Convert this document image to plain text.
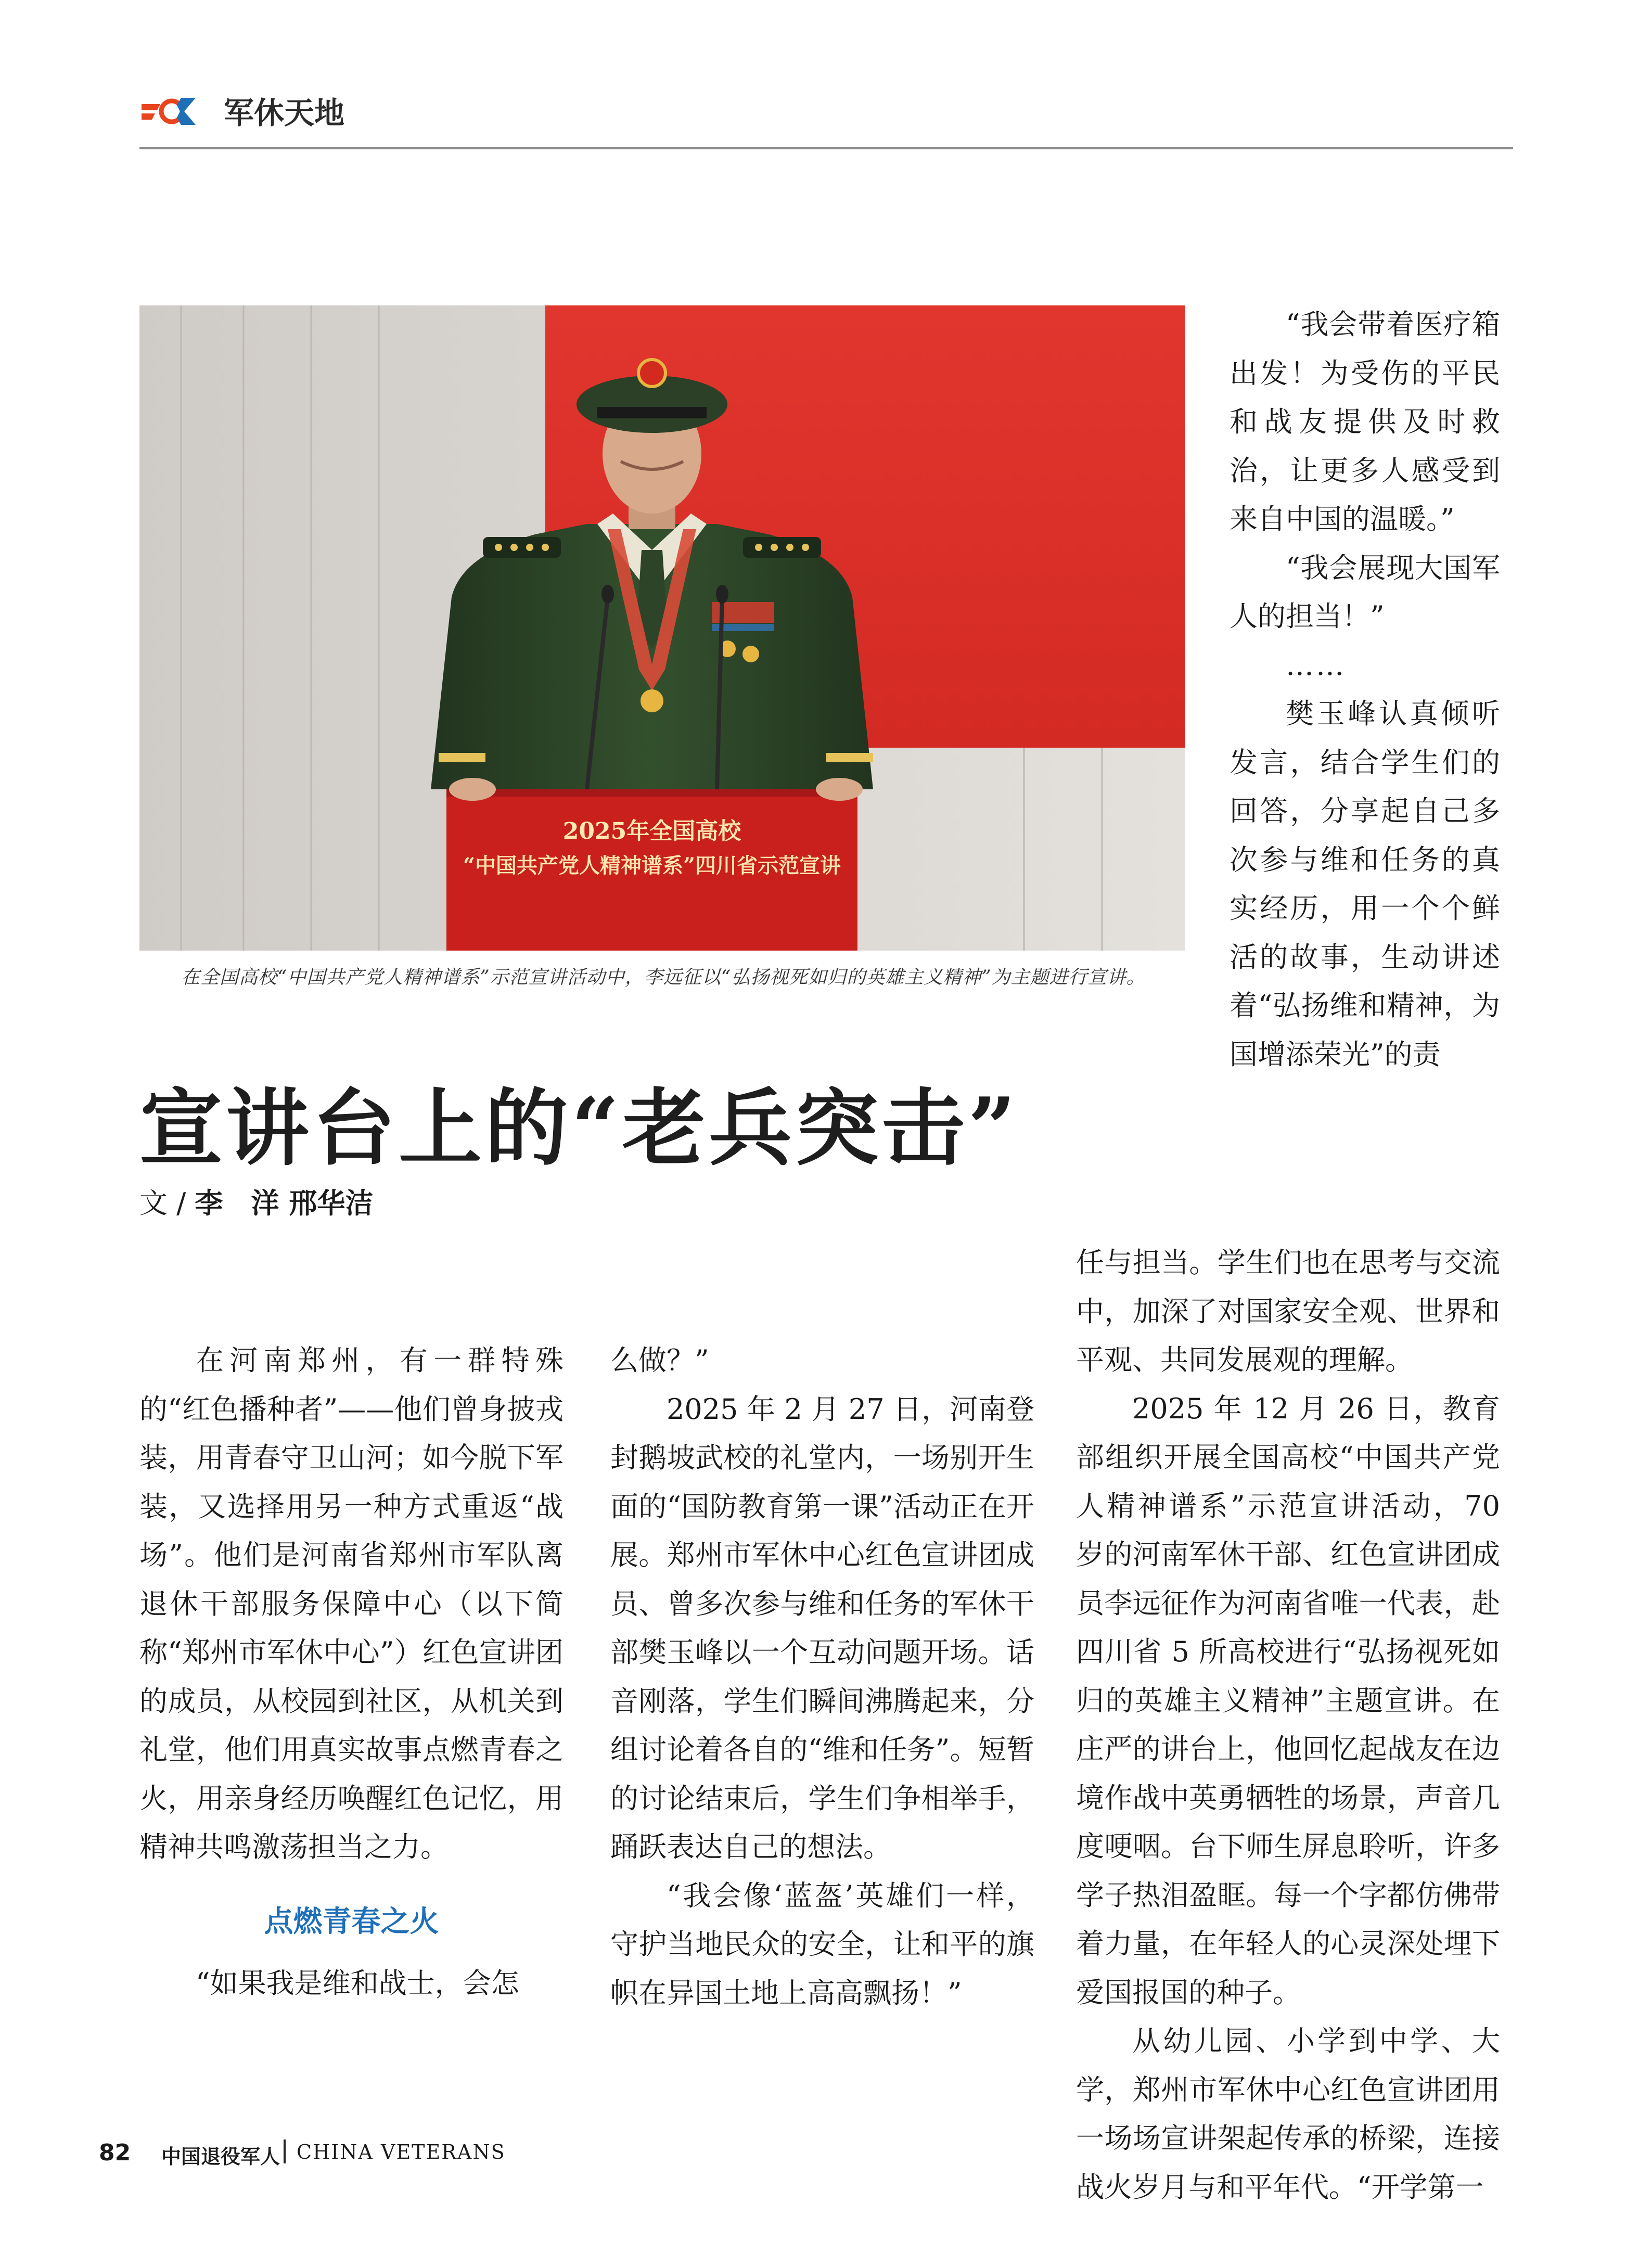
军休天地
2025年全国高校
“中国共产党人精神谱系”四川省示范宣讲
在全国高校“中国共产党人精神谱系”示范宣讲活动中，李远征以“弘扬视死如归的英雄主义精神”为主题进行宣讲。

“我会带着医疗箱出发！为受伤的平民和战友提供及时救治，让更多人感受到来自中国的温暖。”

“我会展现大国军人的担当！”

……

樊玉峰认真倾听发言，结合学生们的回答，分享起自己多次参与维和任务的真实经历，用一个个鲜活的故事，生动讲述着“弘扬维和精神，为国增添荣光”的责

宣讲台上的“老兵突击”
文 / 李　洋 邢华洁

在河南郑州，有一群特殊的“红色播种者”——他们曾身披戎装，用青春守卫山河；如今脱下军装，又选择用另一种方式重返“战场”。他们是河南省郑州市军队离退休干部服务保障中心（以下简称“郑州市军休中心”）红色宣讲团的成员，从校园到社区，从机关到礼堂，他们用真实故事点燃青春之火，用亲身经历唤醒红色记忆，用精神共鸣激荡担当之力。

点燃青春之火

“如果我是维和战士，会怎

么做？”

2025 年 2 月 27 日，河南登封鹅坡武校的礼堂内，一场别开生面的“国防教育第一课”活动正在开展。郑州市军休中心红色宣讲团成员、曾多次参与维和任务的军休干部樊玉峰以一个互动问题开场。话音刚落，学生们瞬间沸腾起来，分组讨论着各自的“维和任务”。短暂的讨论结束后，学生们争相举手，踊跃表达自己的想法。

“我会像‘蓝盔’英雄们一样，守护当地民众的安全，让和平的旗帜在异国土地上高高飘扬！”

任与担当。学生们也在思考与交流中，加深了对国家安全观、世界和平观、共同发展观的理解。

2025 年 12 月 26 日，教育部组织开展全国高校“中国共产党人精神谱系”示范宣讲活动，70 岁的河南军休干部、红色宣讲团成员李远征作为河南省唯一代表，赴四川省 5 所高校进行“弘扬视死如归的英雄主义精神”主题宣讲。在庄严的讲台上，他回忆起战友在边境作战中英勇牺牲的场景，声音几度哽咽。台下师生屏息聆听，许多学子热泪盈眶。每一个字都仿佛带着力量，在年轻人的心灵深处埋下爱国报国的种子。

从幼儿园、小学到中学、大学，郑州市军休中心红色宣讲团用一场场宣讲架起传承的桥梁，连接战火岁月与和平年代。“开学第一

82 中国退役军人 CHINA VETERANS
